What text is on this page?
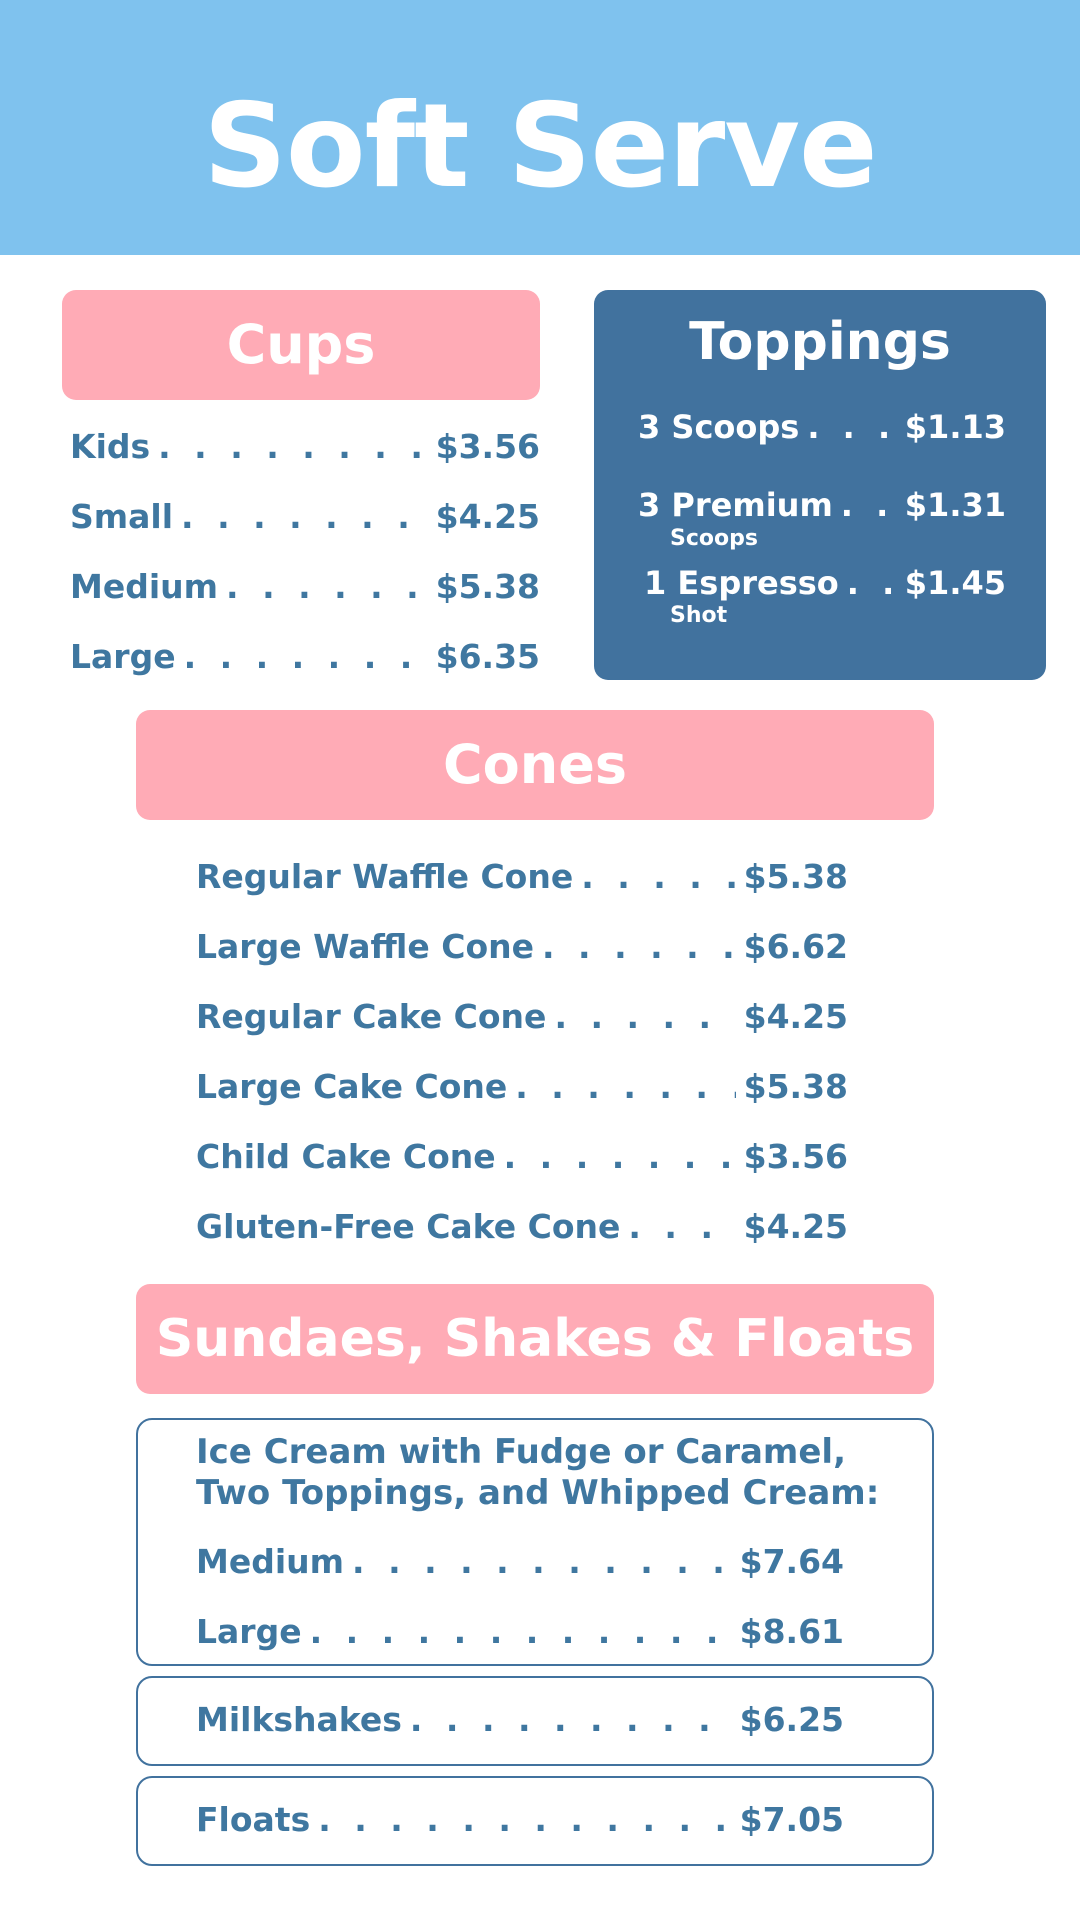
Soft Serve
Cups
Kids . . .	$3.56
Small . . .	$4.25
Medium . . .	$5.38
Large . . .	$6.35
Toppings
3 Scoops . . .	$1.13
3 Premium . . . $1.31
Scoops
1 Espresso . . . $1.45
Shot
Cones
Regular Waffle Cone . . .	$5.38
Large Waffle Cone . . .	$6.62
Regular Cake Cone . . .	$4.25
Large Cake Cone . . .	$5.38
Child Cake Cone . . .	$3.56
Gluten-Free Cake Cone . . .	$4.25
Sundaes, Shakes & Floats
Ice Cream with Fudge or Caramel,
Two Toppings, and Whipped Cream:
Medium . . .	$7.64
Large . . .	$8.61
Milkshakes . . .	$6.25
Floats . . .	$7.05
